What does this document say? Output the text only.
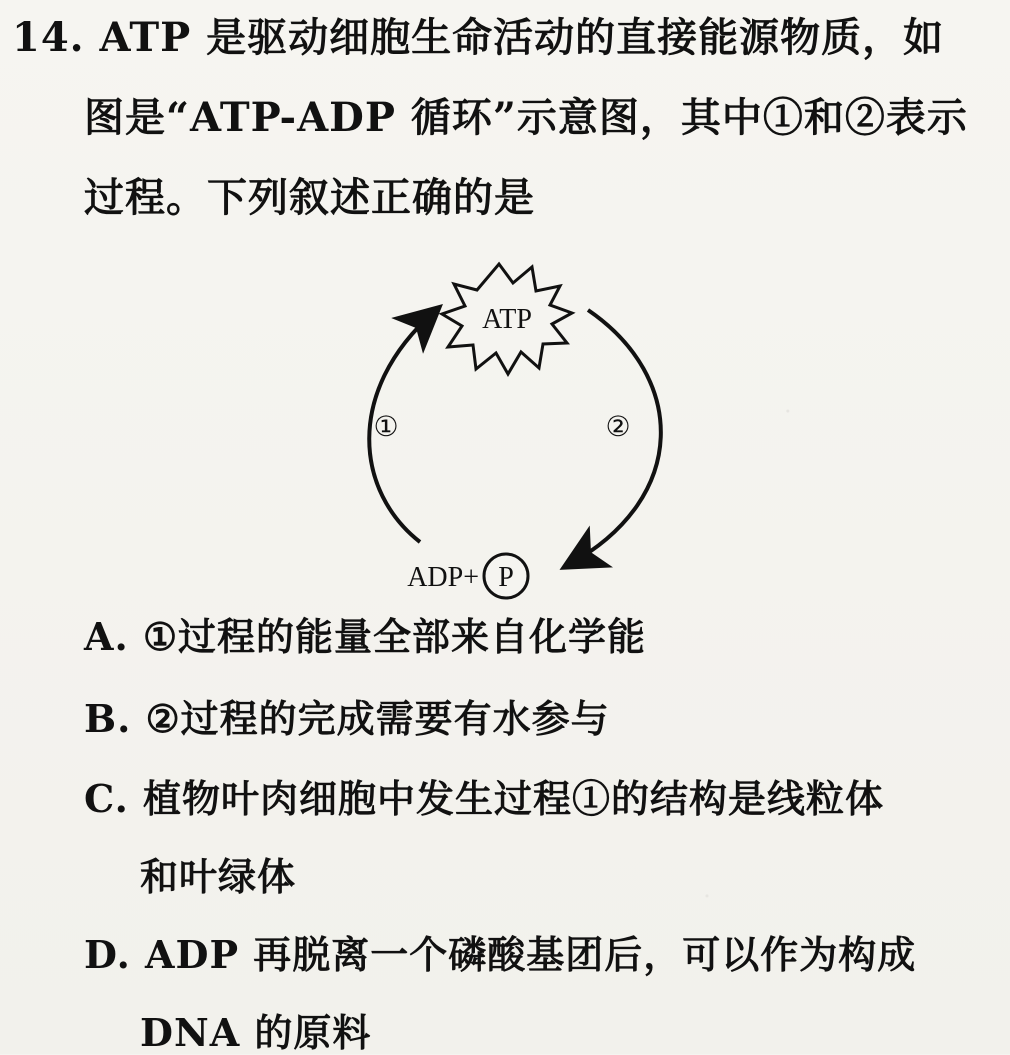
14. ATP 是驱动细胞生命活动的直接能源物质，如
图是“ATP-ADP 循环”示意图，其中①和②表示
过程。下列叙述正确的是
ATP
①	②
ADP+ P
A. ①过程的能量全部来自化学能
B. ②过程的完成需要有水参与
C. 植物叶肉细胞中发生过程①的结构是线粒体
和叶绿体
D. ADP 再脱离一个磷酸基团后，可以作为构成
DNA 的原料
